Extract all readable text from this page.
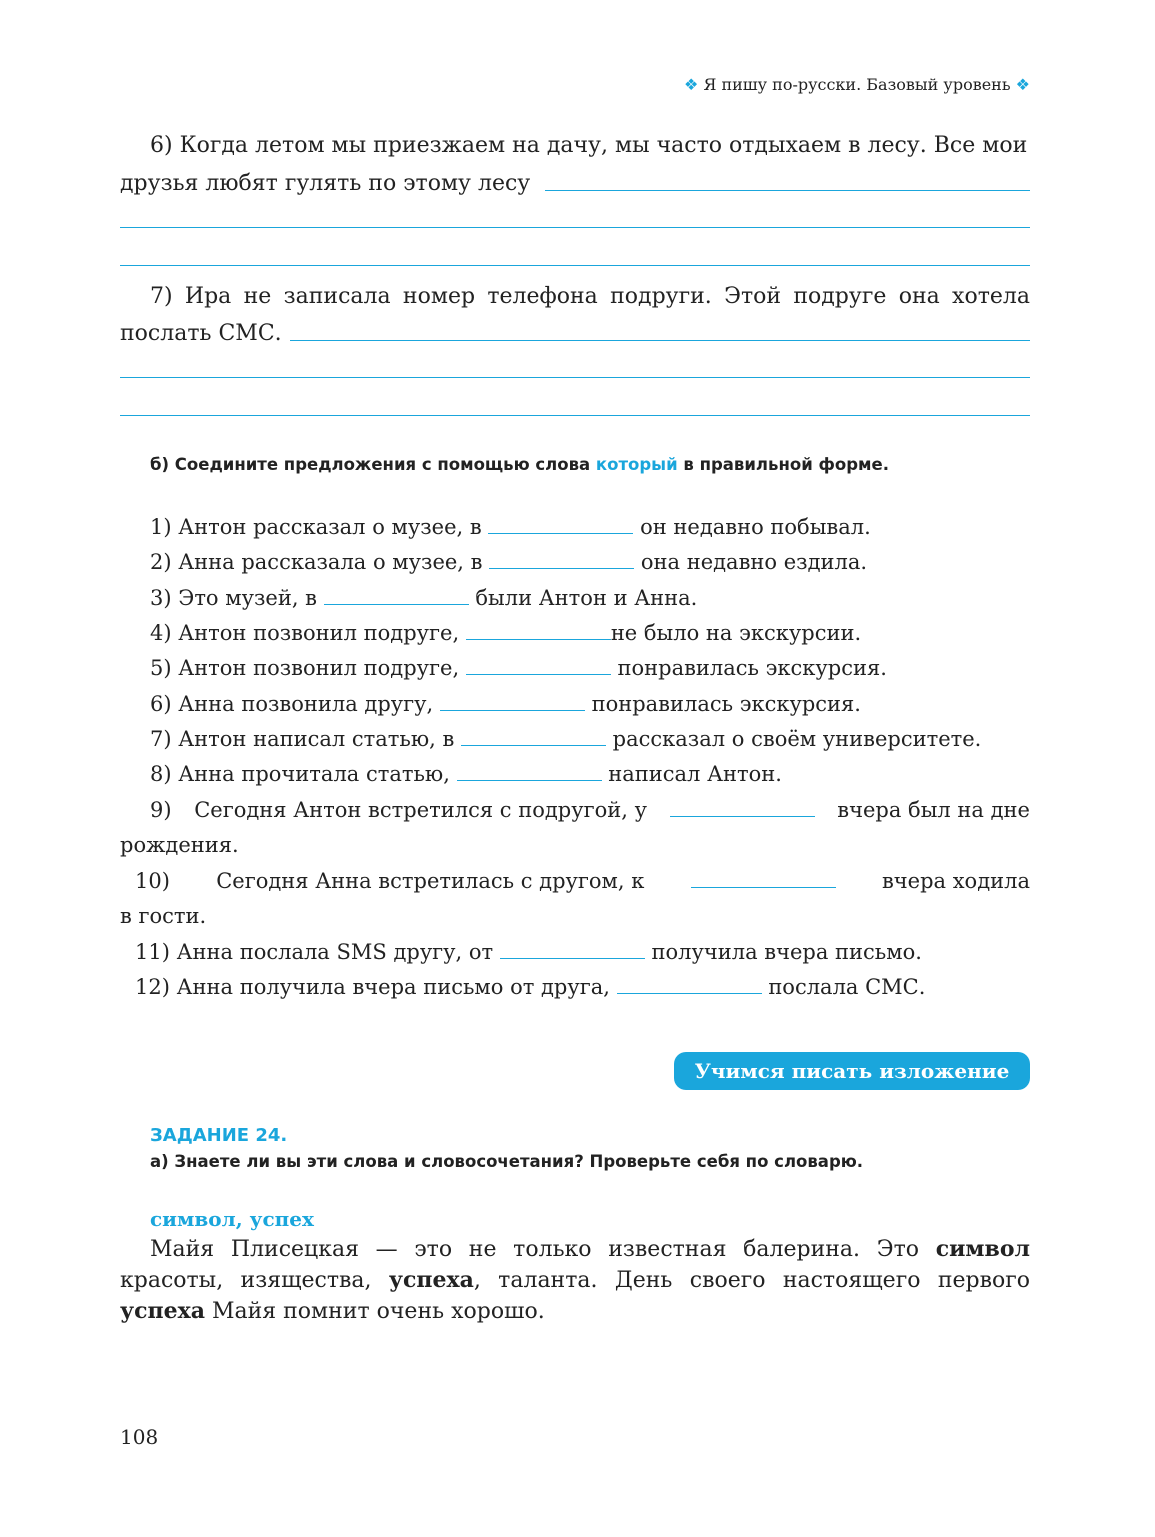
❖ Я пишу по-русски. Базовый уровень ❖
6) Когда летом мы приезжаем на дачу, мы часто отдыхаем в лесу. Все мои
друзья любят гулять по этому лесу
7) Ира не записала номер телефона подруги. Этой подруге она хотела
послать СМС.
б) Соедините предложения с помощью слова который в правильной форме.
1) Антон рассказал о музее, в	он недавно побывал.
2) Анна рассказала о музее, в	она недавно ездила.
3) Это музей, в	были Антон и Анна.
4) Антон позвонил подруге,	не было на экскурсии.
5) Антон позвонил подруге,	понравилась экскурсия.
6) Анна позвонила другу,	понравилась экскурсия.
7) Антон написал статью, в	рассказал о своём университете.
8) Анна прочитала статью,	написал Антон.
9) Сегодня Антон встретился с подругой, у	вчера был на дне
рождения.
10) Сегодня Анна встретилась с другом, к	вчера ходила
в гости.
11) Анна послала SMS другу, от	получила вчера письмо.
12) Анна получила вчера письмо от друга,	послала СМС.
Учимся писать изложение
ЗАДАНИЕ 24.
а) Знаете ли вы эти слова и словосочетания? Проверьте себя по словарю.
символ, успех
Майя Плисецкая — это не только известная балерина. Это символ красоты, изящества, успеха, таланта. День своего настоящего первого успеха Майя помнит очень хорошо.
108
